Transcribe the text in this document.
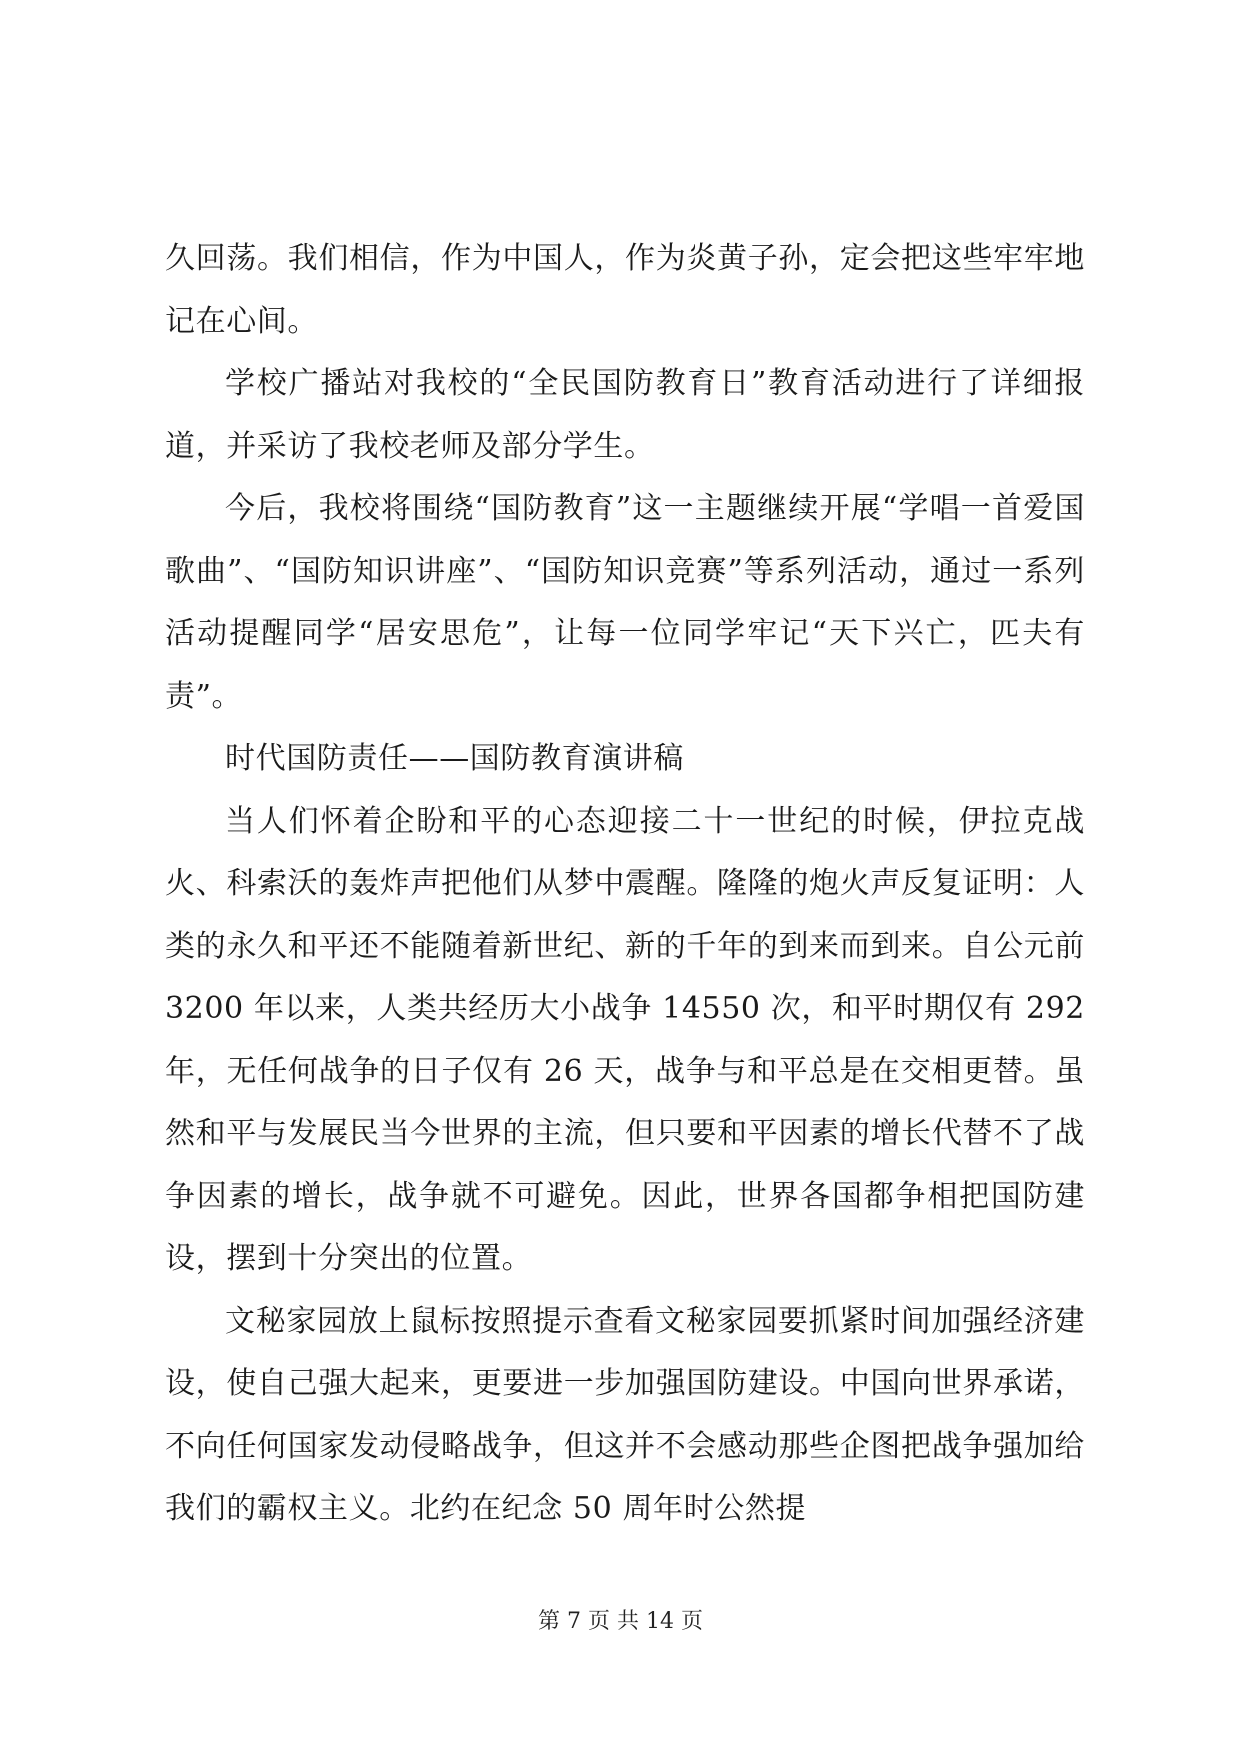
久回荡。我们相信，作为中国人，作为炎黄子孙，定会把这些牢牢地记在心间。

学校广播站对我校的“全民国防教育日”教育活动进行了详细报道，并采访了我校老师及部分学生。

今后，我校将围绕“国防教育”这一主题继续开展“学唱一首爱国歌曲”、“国防知识讲座”、“国防知识竞赛”等系列活动，通过一系列活动提醒同学“居安思危”，让每一位同学牢记“天下兴亡，匹夫有责”。

时代国防责任——国防教育演讲稿

当人们怀着企盼和平的心态迎接二十一世纪的时候，伊拉克战火、科索沃的轰炸声把他们从梦中震醒。隆隆的炮火声反复证明：人类的永久和平还不能随着新世纪、新的千年的到来而到来。自公元前 3200 年以来，人类共经历大小战争 14550 次，和平时期仅有 292 年，无任何战争的日子仅有 26 天，战争与和平总是在交相更替。虽然和平与发展民当今世界的主流，但只要和平因素的增长代替不了战争因素的增长，战争就不可避免。因此，世界各国都争相把国防建设，摆到十分突出的位置。

文秘家园放上鼠标按照提示查看文秘家园要抓紧时间加强经济建设，使自己强大起来，更要进一步加强国防建设。中国向世界承诺，不向任何国家发动侵略战争，但这并不会感动那些企图把战争强加给我们的霸权主义。北约在纪念 50 周年时公然提

第 7 页 共 14 页
